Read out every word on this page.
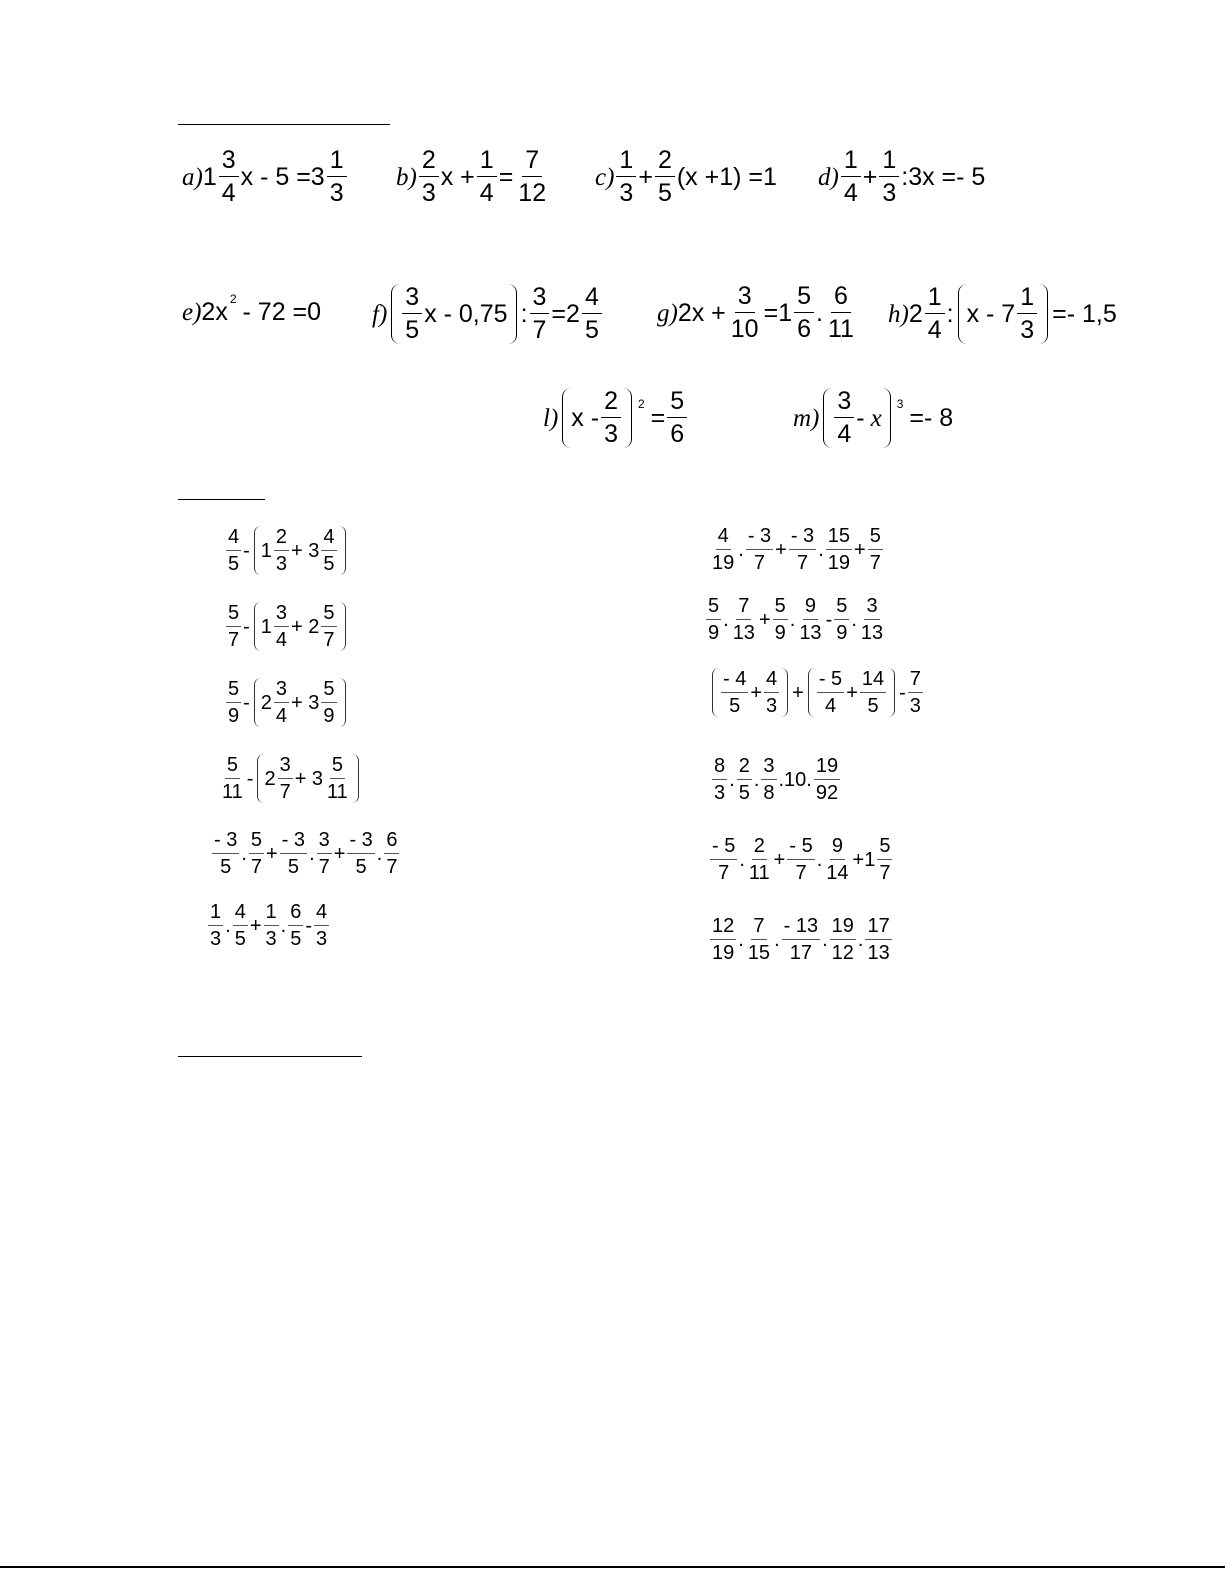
a) 1
3
4
x - 5 =3
1
3
b)
2
3
$x + \frac{1}{4} = \frac{7}{12} c$)
1
3
+ $\frac{2}{5} (x +1) =1$ d)
1
4
+ $\frac{1}{3}$ :3x =- 5
e) 2x 2 - 72 =0 f)
3
5
x - 0,75 : $\frac{3}{7} =2$
4
5
g) $2x + \frac{3}{10} =1$
5
6
.
6
11
h) 2
1
4
: x - 7
1
3
=- 1,5
l) x -
2
3
$2 = \frac{5}{6}$	m)
3
4
- x
3 =- 8
4
5
- 1
2
3
+ 3
4
5
5
7
- 1
3
4
+ 2
5
7
5
9
- 2
3
4
+ 3
5
9
5
11
- 2
3
7
+ 3
5
11
- 3
5
.
5
7
+ $\frac{- 3}{5}$ .
3
7
+ $\frac{- 3}{5}$ .
6
7
1
3
.
4
5
+ $\frac{1}{3}$ .
6
5
-
4
3
4
19
.
- 3
7
+ $\frac{- 3}{7}$ .
15
19
+ $\frac{5}{7}$
5
9
.
7
13
+ $\frac{5}{9}$ .
9
13
-
5
9
.
3
13
- 4
5
+ $\frac{4}{3}$ +
- 5
4
+ $\frac{14}{5}$ -
7
3
8
3
.
2
5
.
3
8
.10.
19
92
- 5
7
.
2
11
+ $\frac{- 5}{7}$ .
9
14
+1
5
7
12
19
.
7
15
.
- 13
17
.
19
12
.
17
13
